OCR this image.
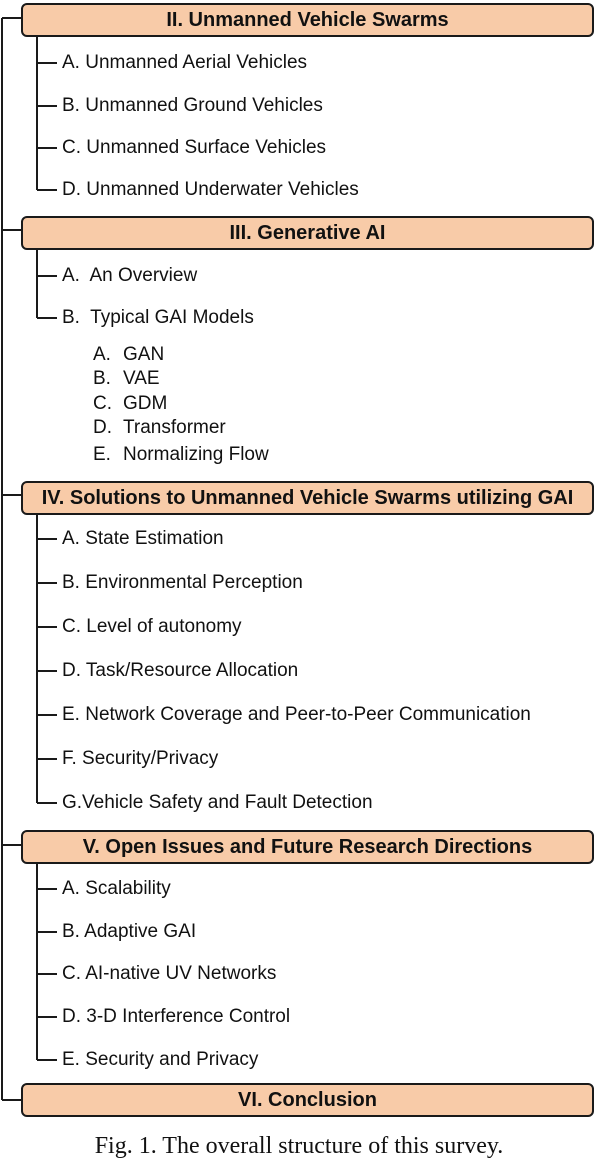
II. Unmanned Vehicle Swarms
A. Unmanned Aerial Vehicles
B. Unmanned Ground Vehicles
C. Unmanned Surface Vehicles
D. Unmanned Underwater Vehicles
III. Generative AI
A.  An Overview
B.  Typical GAI Models
A. GAN
B. VAE
C. GDM
D. Transformer
E. Normalizing Flow
IV. Solutions to Unmanned Vehicle Swarms utilizing GAI
A. State Estimation
B. Environmental Perception
C. Level of autonomy
D. Task/Resource Allocation
E. Network Coverage and Peer-to-Peer Communication
F. Security/Privacy
G.Vehicle Safety and Fault Detection
V. Open Issues and Future Research Directions
A. Scalability
B. Adaptive GAI
C. AI-native UV Networks
D. 3-D Interference Control
E. Security and Privacy
VI. Conclusion
Fig. 1. The overall structure of this survey.
